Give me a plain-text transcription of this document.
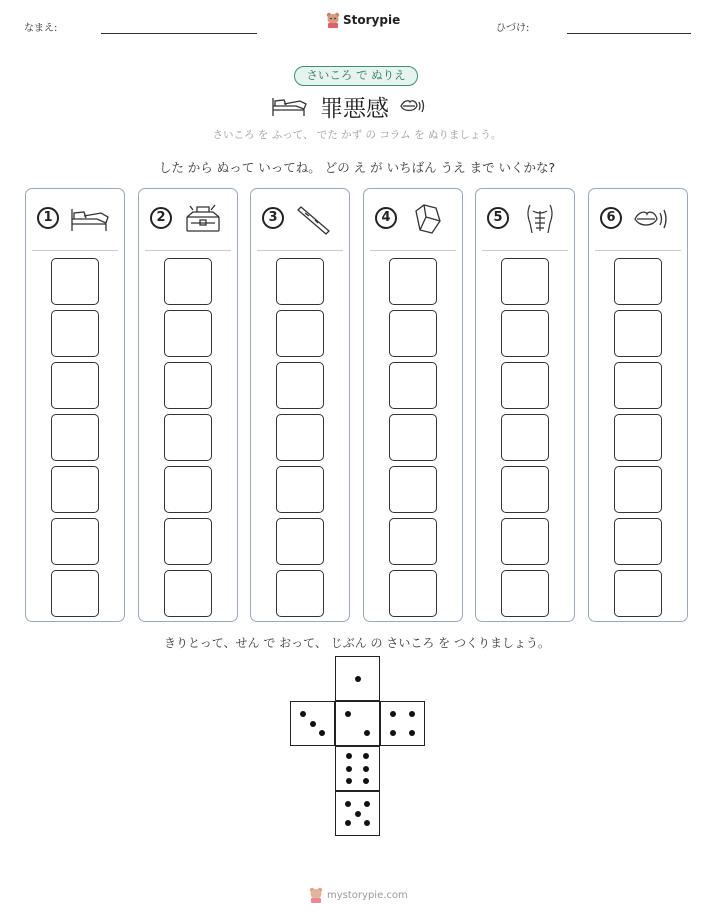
なまえ:
Storypie
ひづけ:
さいころ で ぬりえ
罪悪感
さいころ を ふって、 でた かず の コラム を ぬりましょう。
した から ぬって いってね。 どの え が いちばん うえ まで いくかな?
1	2	3	4	5	6
きりとって、せん で おって、 じぶん の さいころ を つくりましょう。
mystorypie.com
